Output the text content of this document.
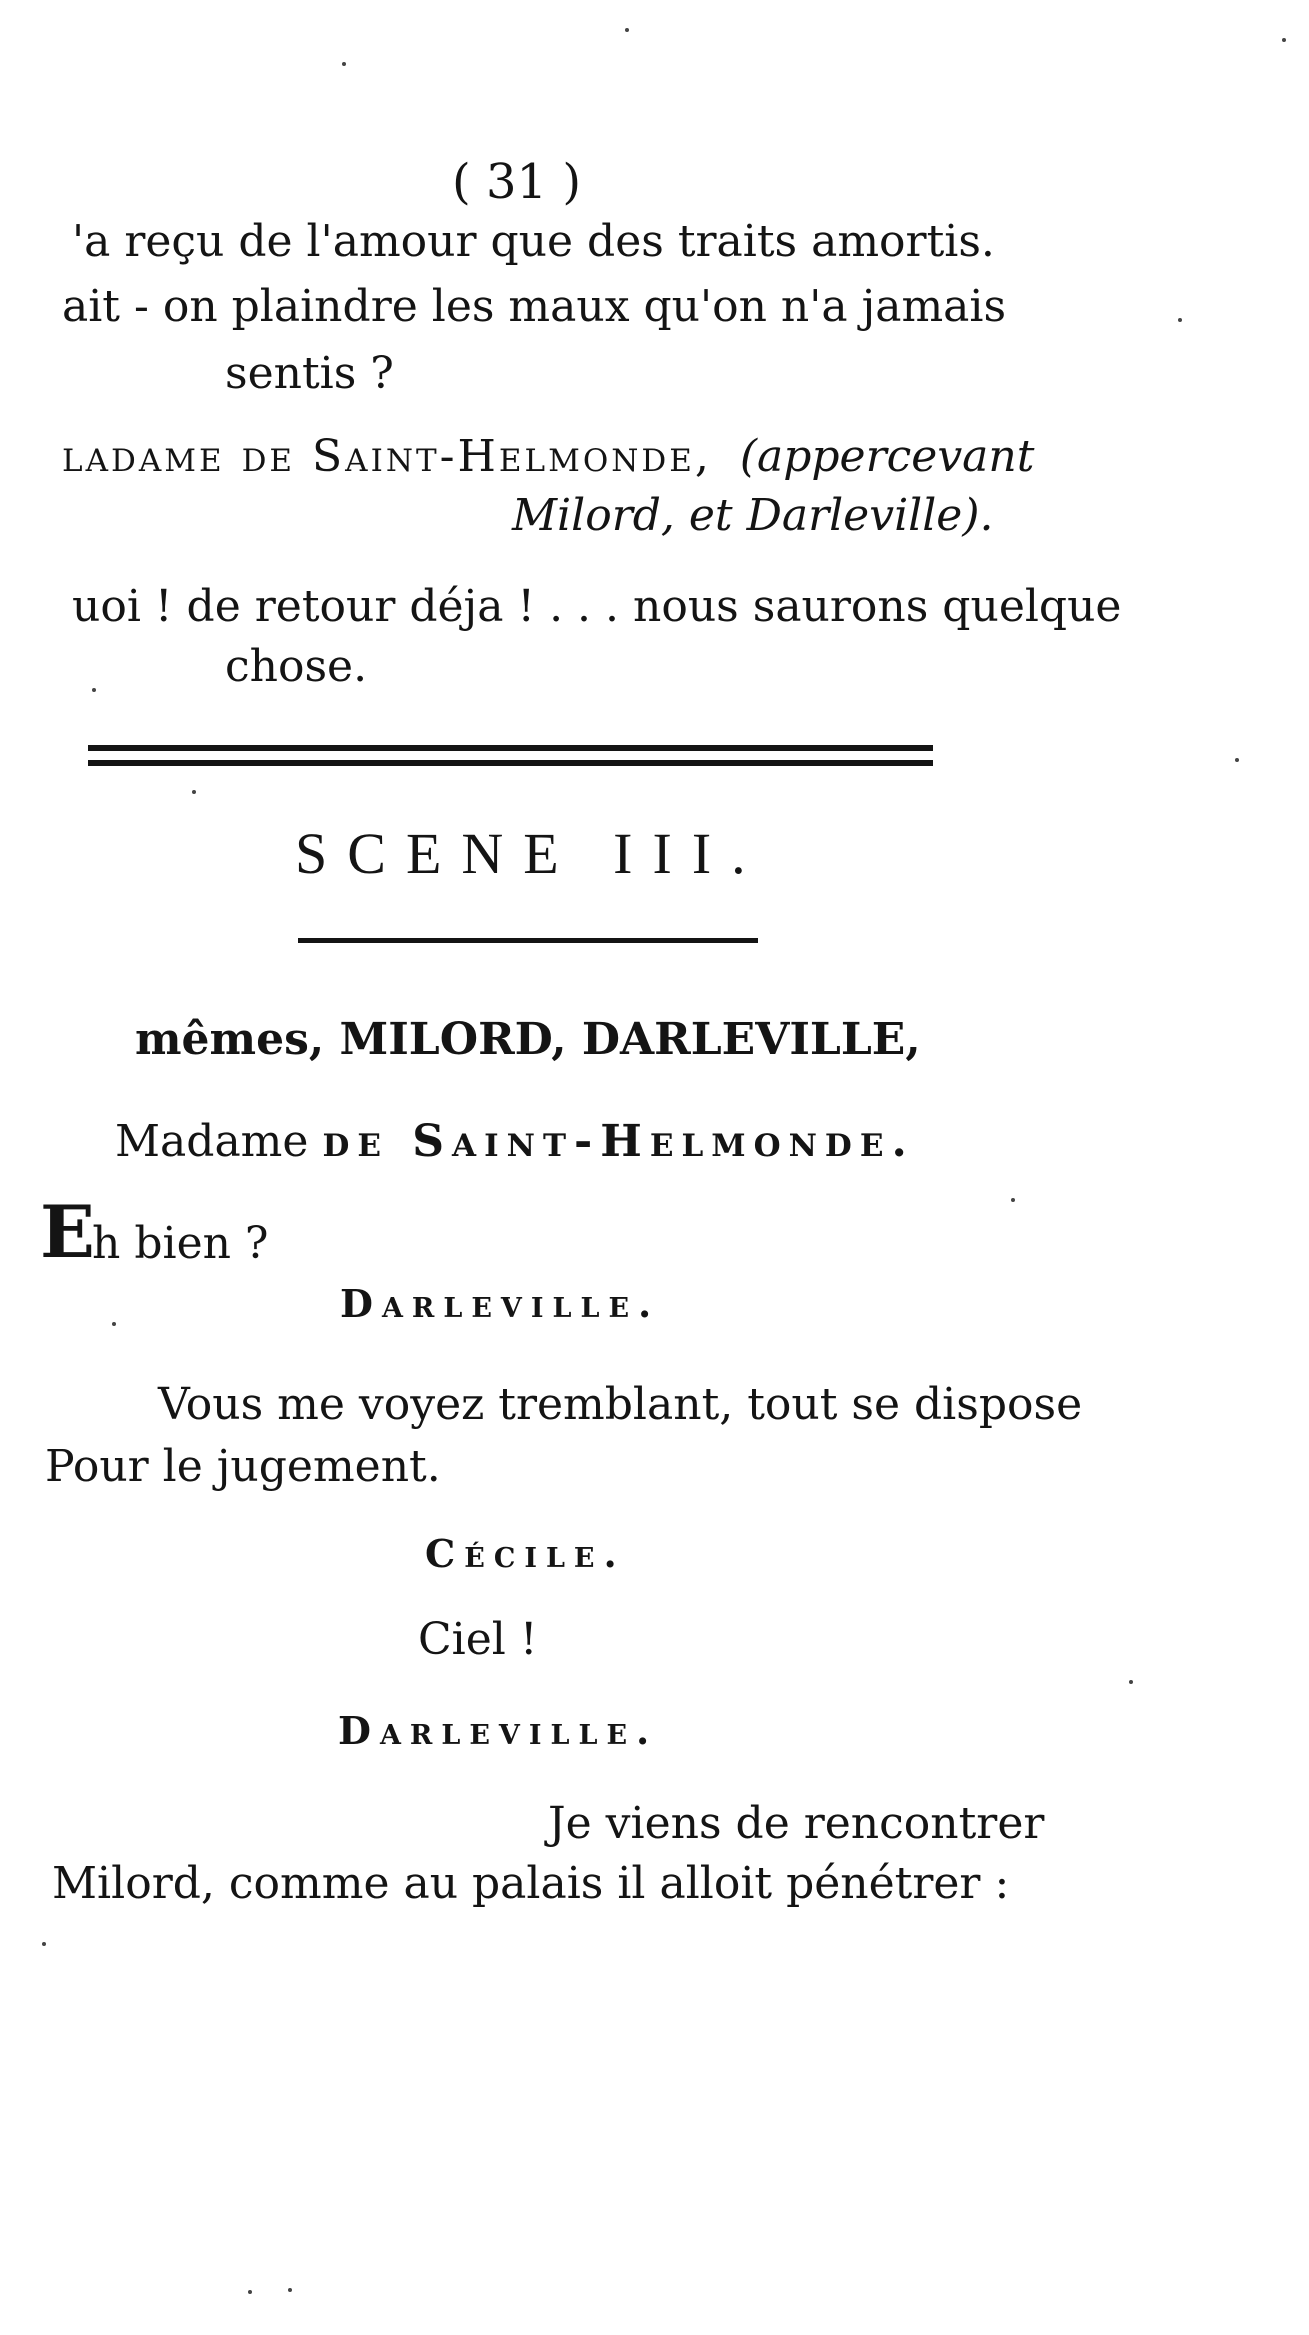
( 31 )
'a reçu de l'amour que des traits amortis.
ait - on plaindre les maux qu'on n'a jamais
sentis ?
ladame de Saint-Helmonde, (appercevant
Milord, et Darleville).
uoi ! de retour déja ! . . . nous saurons quelque
chose.
SCENE III.
mêmes, MILORD, DARLEVILLE,
Madame de Saint-Helmonde.
E
h bien ?
Darleville.
Vous me voyez tremblant, tout se dispose
Pour le jugement.
Cécile.
Ciel !
Darleville.
Je viens de rencontrer
Milord, comme au palais il alloit pénétrer :
